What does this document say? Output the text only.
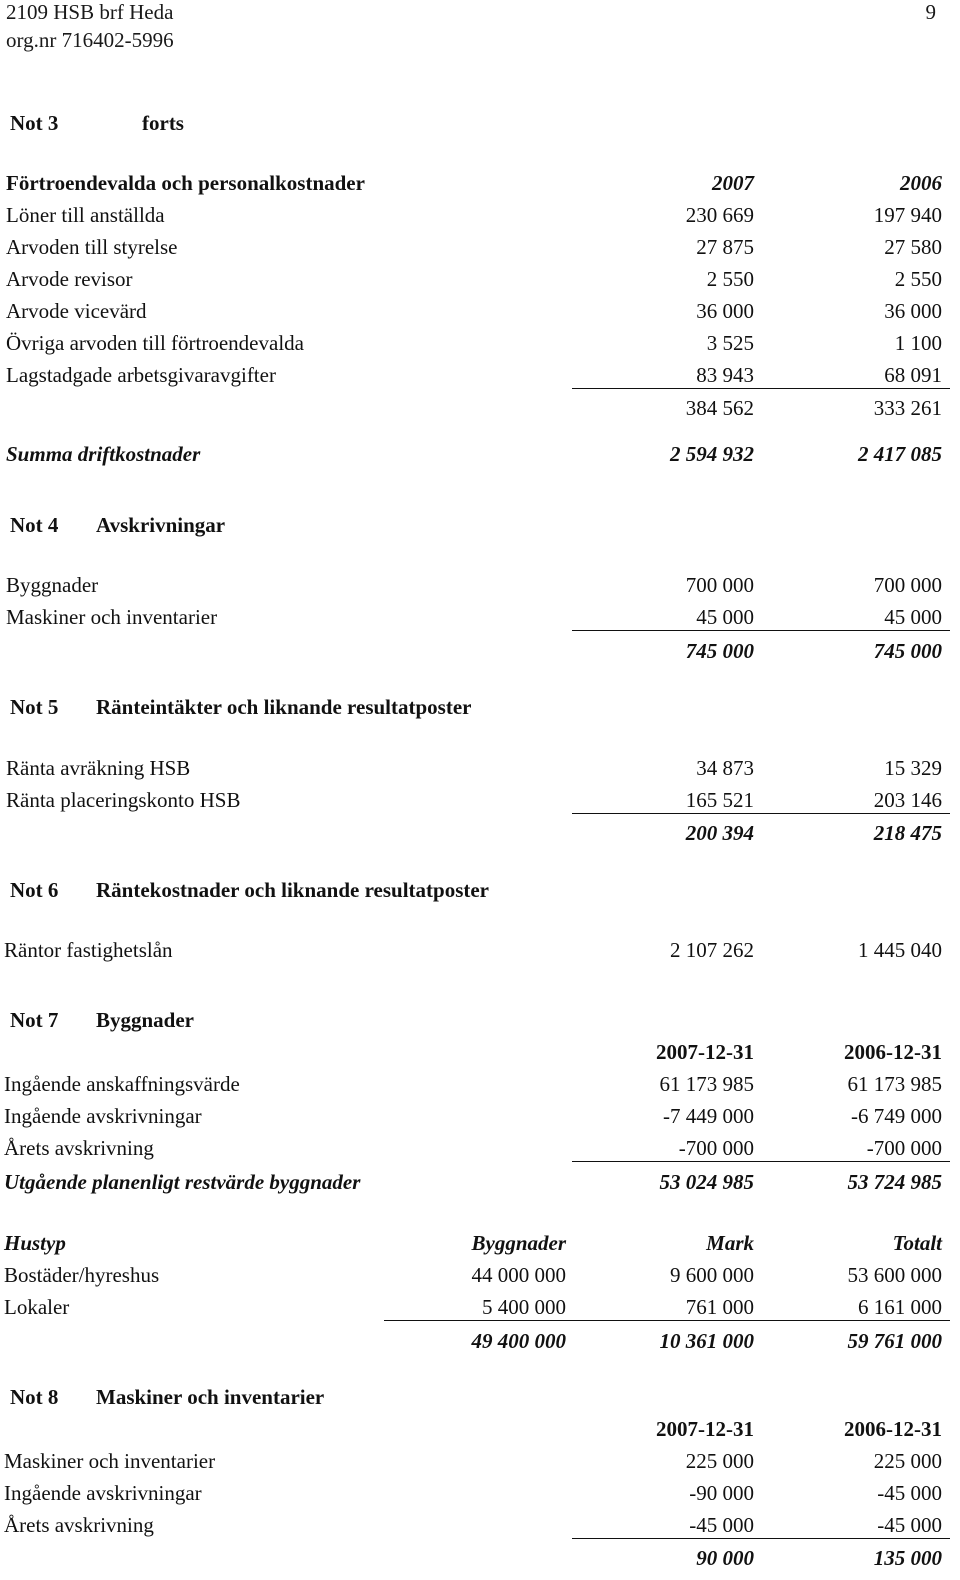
2109 HSB brf Heda
org.nr 716402-5996
9
Not 3	forts
Förtroendevalda och personalkostnader	2007	2006
Löner till anställda	230 669	197 940
Arvoden till styrelse	27 875	27 580
Arvode revisor	2 550	2 550
Arvode vicevärd	36 000	36 000
Övriga arvoden till förtroendevalda	3 525	1 100
Lagstadgade arbetsgivaravgifter	83 943	68 091
384 562	333 261
Summa driftkostnader	2 594 932	2 417 085
Not 4 Avskrivningar
Byggnader	700 000	700 000
Maskiner och inventarier	45 000	45 000
745 000	745 000
Not 5 Ränteintäkter och liknande resultatposter
Ränta avräkning HSB	34 873	15 329
Ränta placeringskonto HSB	165 521	203 146
200 394	218 475
Not 6 Räntekostnader och liknande resultatposter
Räntor fastighetslån	2 107 262	1 445 040
Not 7 Byggnader
2007-12-31	2006-12-31
Ingående anskaffningsvärde	61 173 985	61 173 985
Ingående avskrivningar	-7 449 000	-6 749 000
Årets avskrivning	-700 000	-700 000
Utgående planenligt restvärde byggnader	53 024 985	53 724 985
Hustyp	Byggnader	Mark	Totalt
Bostäder/hyreshus	44 000 000	9 600 000	53 600 000
Lokaler	5 400 000	761 000	6 161 000
49 400 000	10 361 000	59 761 000
Not 8 Maskiner och inventarier
2007-12-31	2006-12-31
Maskiner och inventarier	225 000	225 000
Ingående avskrivningar	-90 000	-45 000
Årets avskrivning	-45 000	-45 000
90 000	135 000
